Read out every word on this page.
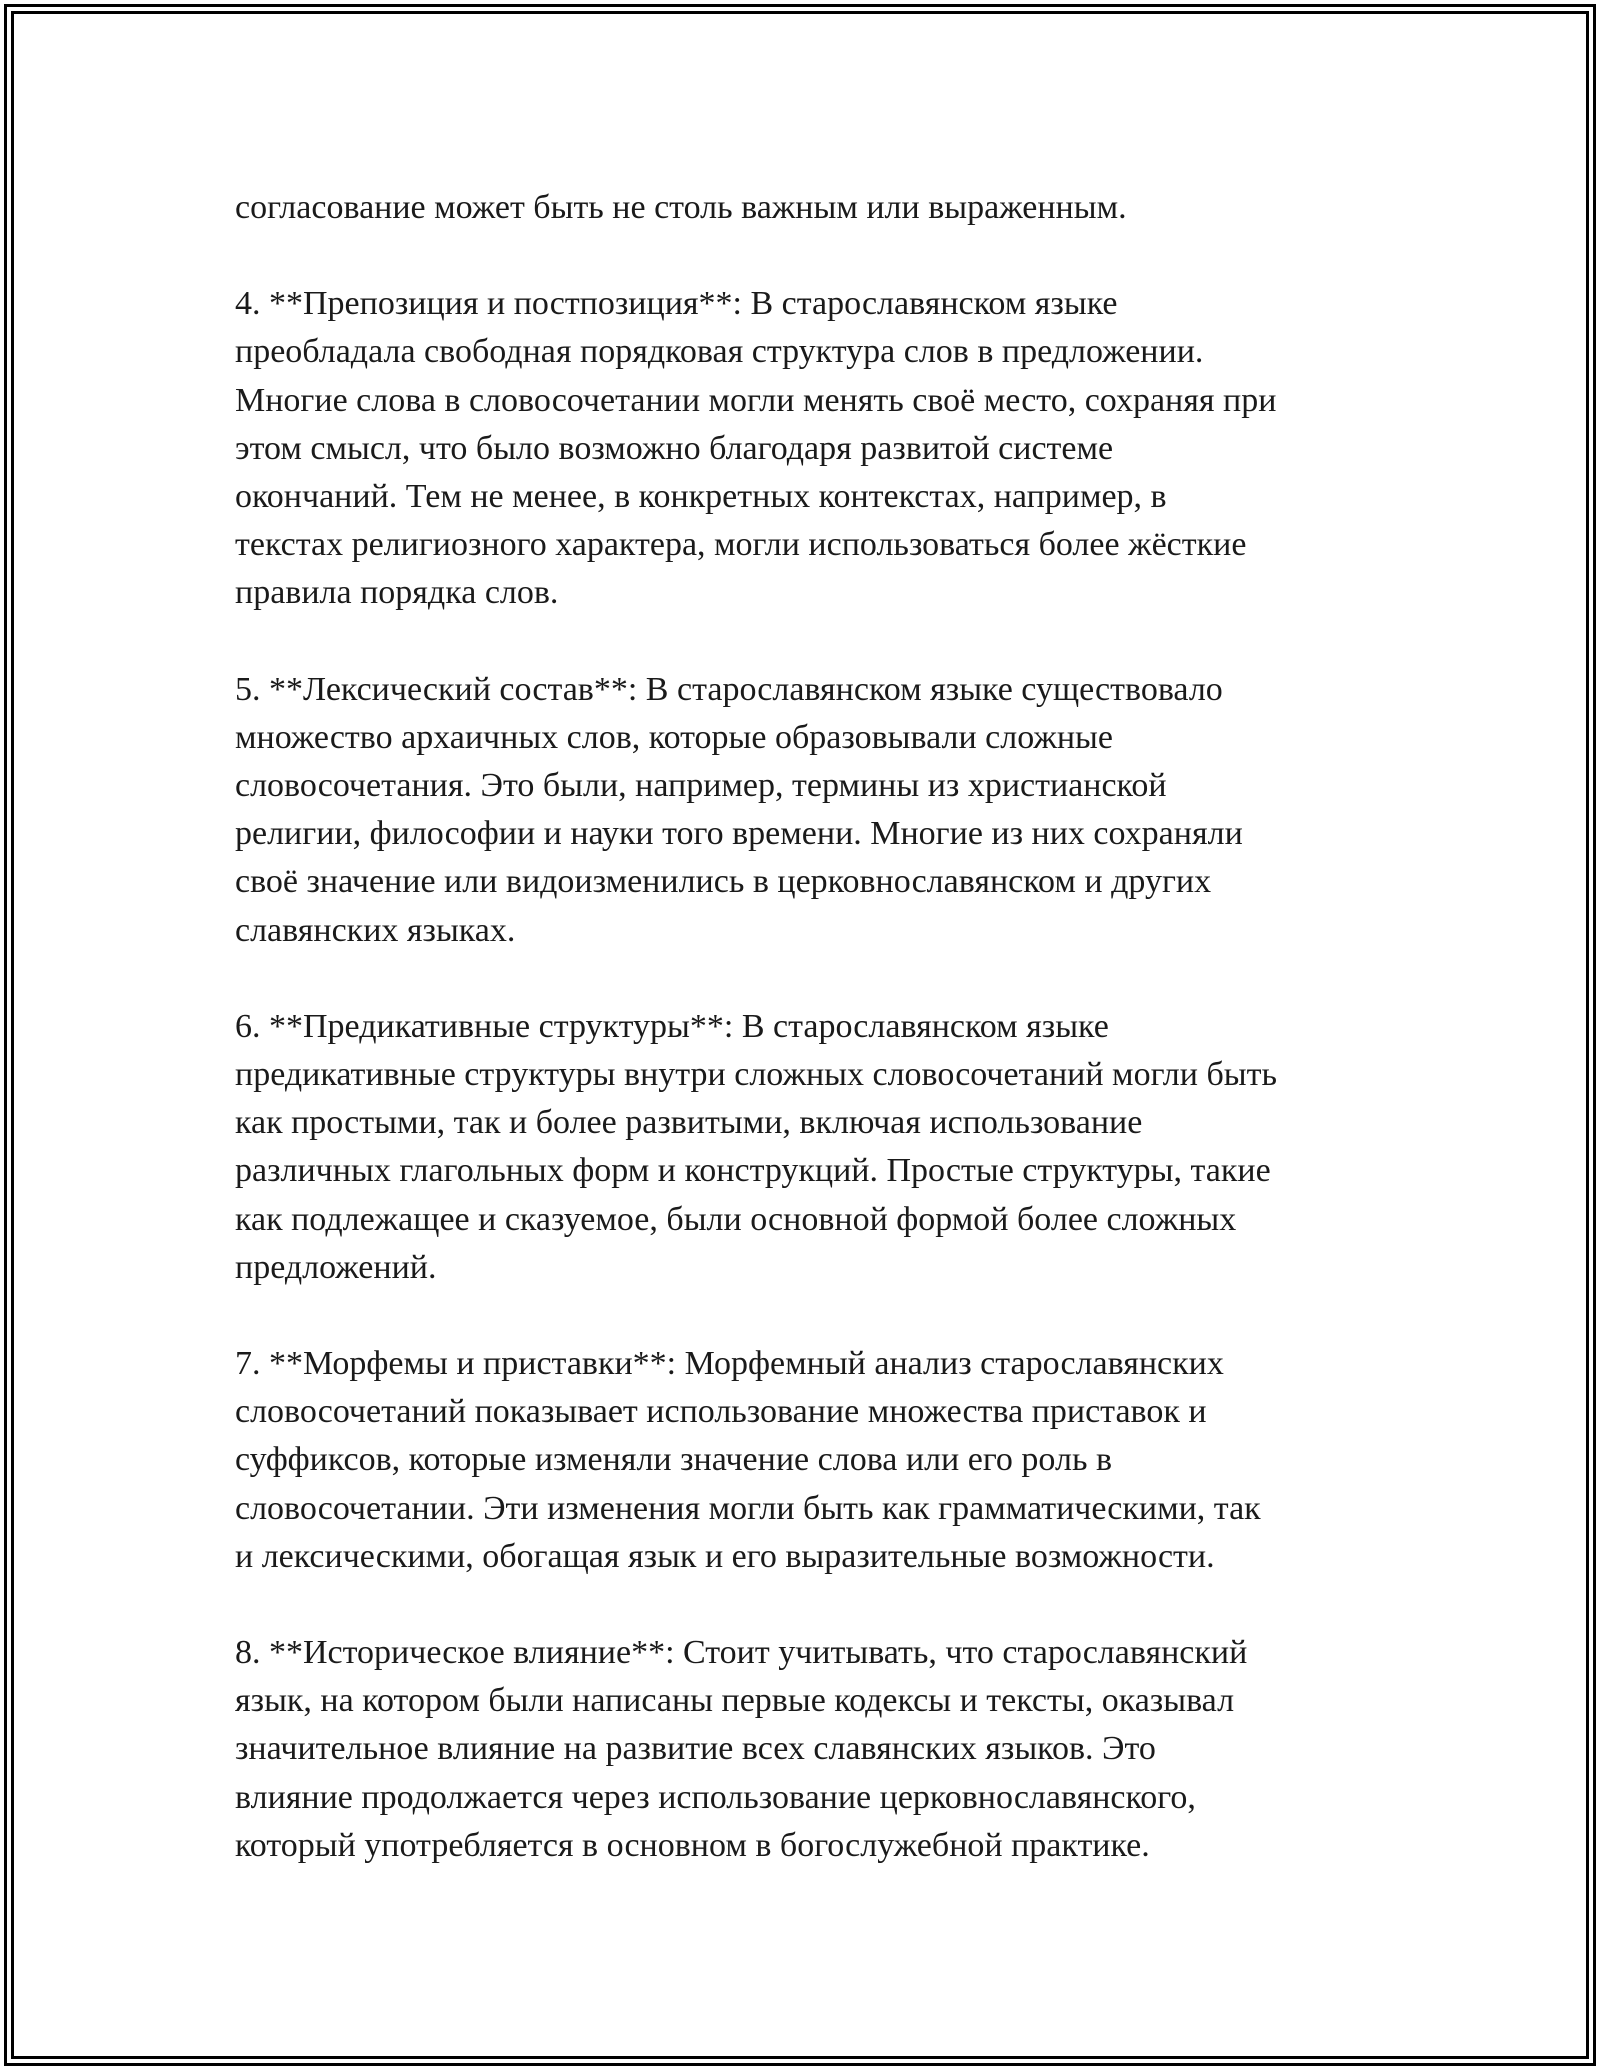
согласование может быть не столь важным или выраженным.

4. **Препозиция и постпозиция**: В старославянском языке
преобладала свободная порядковая структура слов в предложении.
Многие слова в словосочетании могли менять своё место, сохраняя при
этом смысл, что было возможно благодаря развитой системе
окончаний. Тем не менее, в конкретных контекстах, например, в
текстах религиозного характера, могли использоваться более жёсткие
правила порядка слов.

5. **Лексический состав**: В старославянском языке существовало
множество архаичных слов, которые образовывали сложные
словосочетания. Это были, например, термины из христианской
религии, философии и науки того времени. Многие из них сохраняли
своё значение или видоизменились в церковнославянском и других
славянских языках.

6. **Предикативные структуры**: В старославянском языке
предикативные структуры внутри сложных словосочетаний могли быть
как простыми, так и более развитыми, включая использование
различных глагольных форм и конструкций. Простые структуры, такие
как подлежащее и сказуемое, были основной формой более сложных
предложений.

7. **Морфемы и приставки**: Морфемный анализ старославянских
словосочетаний показывает использование множества приставок и
суффиксов, которые изменяли значение слова или его роль в
словосочетании. Эти изменения могли быть как грамматическими, так
и лексическими, обогащая язык и его выразительные возможности.

8. **Историческое влияние**: Стоит учитывать, что старославянский
язык, на котором были написаны первые кодексы и тексты, оказывал
значительное влияние на развитие всех славянских языков. Это
влияние продолжается через использование церковнославянского,
который употребляется в основном в богослужебной практике.
